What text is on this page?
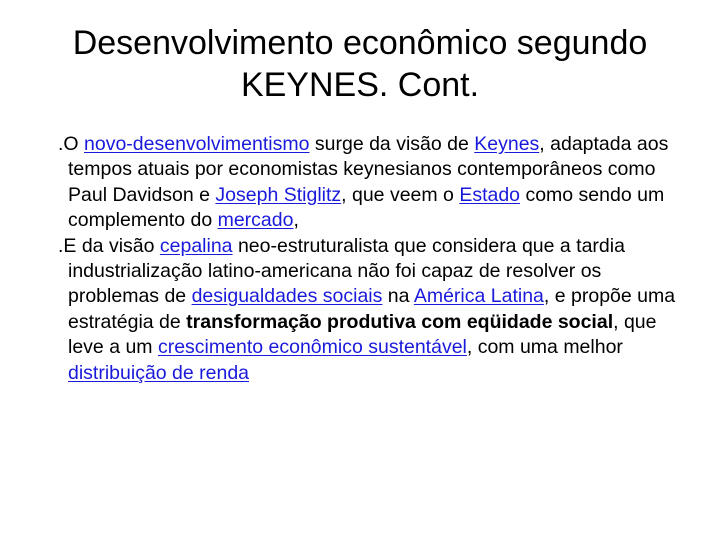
Desenvolvimento econômico segundo
KEYNES. Cont.

.O novo-desenvolvimentismo surge da visão de Keynes, adaptada aos tempos atuais por economistas keynesianos contemporâneos como Paul Davidson e Joseph Stiglitz, que veem o Estado como sendo um complemento do mercado,

.E da visão cepalina neo-estruturalista que considera que a tardia industrialização latino-americana não foi capaz de resolver os problemas de desigualdades sociais na América Latina, e propõe uma estratégia de transformação produtiva com eqüidade social, que leve a um crescimento econômico sustentável, com uma melhor distribuição de renda
